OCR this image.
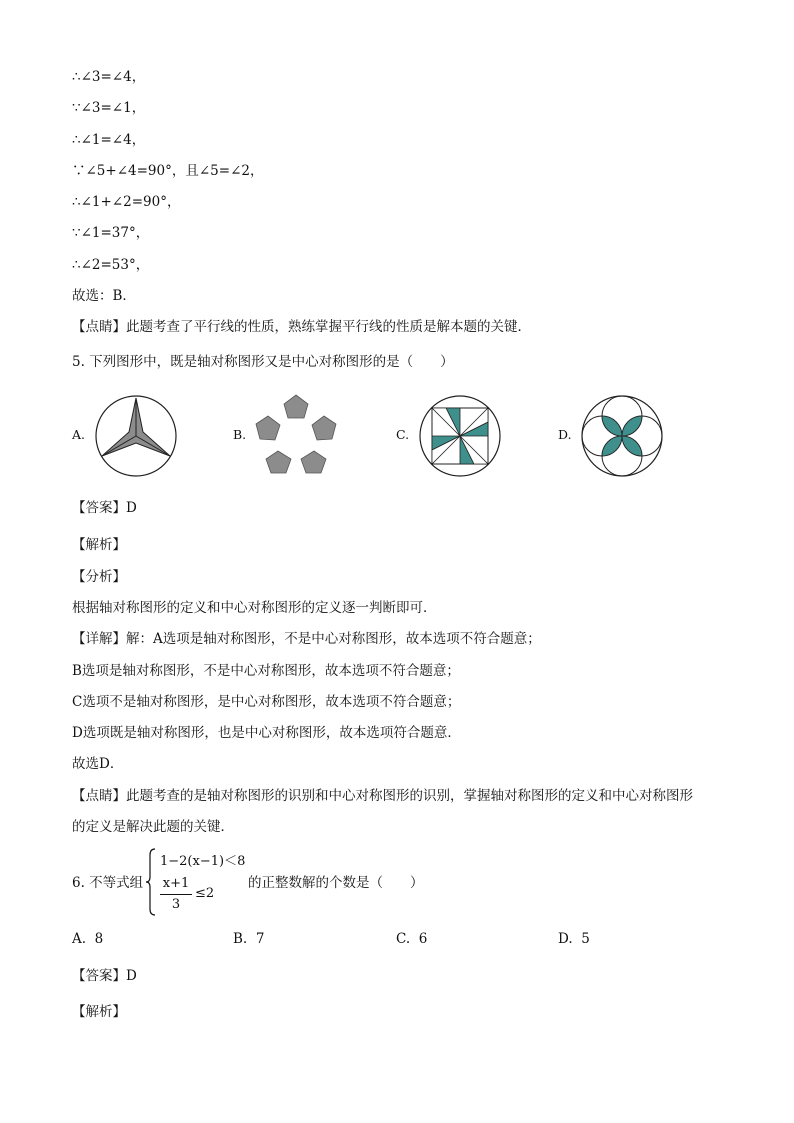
∴∠3=∠4，
∵∠3=∠1，
∴∠1=∠4，
∵∠5+∠4=90°，且∠5=∠2，
∴∠1+∠2=90°，
∵∠1=37°，
∴∠2=53°，
故选：B．
【点睛】此题考查了平行线的性质，熟练掌握平行线的性质是解本题的关键．
5. 下列图形中，既是轴对称图形又是中心对称图形的是（　　）
A.	B.	C.	D.
【答案】D
【解析】
【分析】
根据轴对称图形的定义和中心对称图形的定义逐一判断即可．
【详解】解：A选项是轴对称图形，不是中心对称图形，故本选项不符合题意；
B选项是轴对称图形，不是中心对称图形，故本选项不符合题意；
C选项不是轴对称图形，是中心对称图形，故本选项不符合题意；
D选项既是轴对称图形，也是中心对称图形，故本选项符合题意．
故选D．
【点睛】此题考查的是轴对称图形的识别和中心对称图形的识别，掌握轴对称图形的定义和中心对称图形
的定义是解决此题的关键．
6. 不等式组
1−2(x−1)＜8
x+1
3
≤2
的正整数解的个数是（　　）
A. 8	B. 7	C. 6	D. 5
【答案】D
【解析】
